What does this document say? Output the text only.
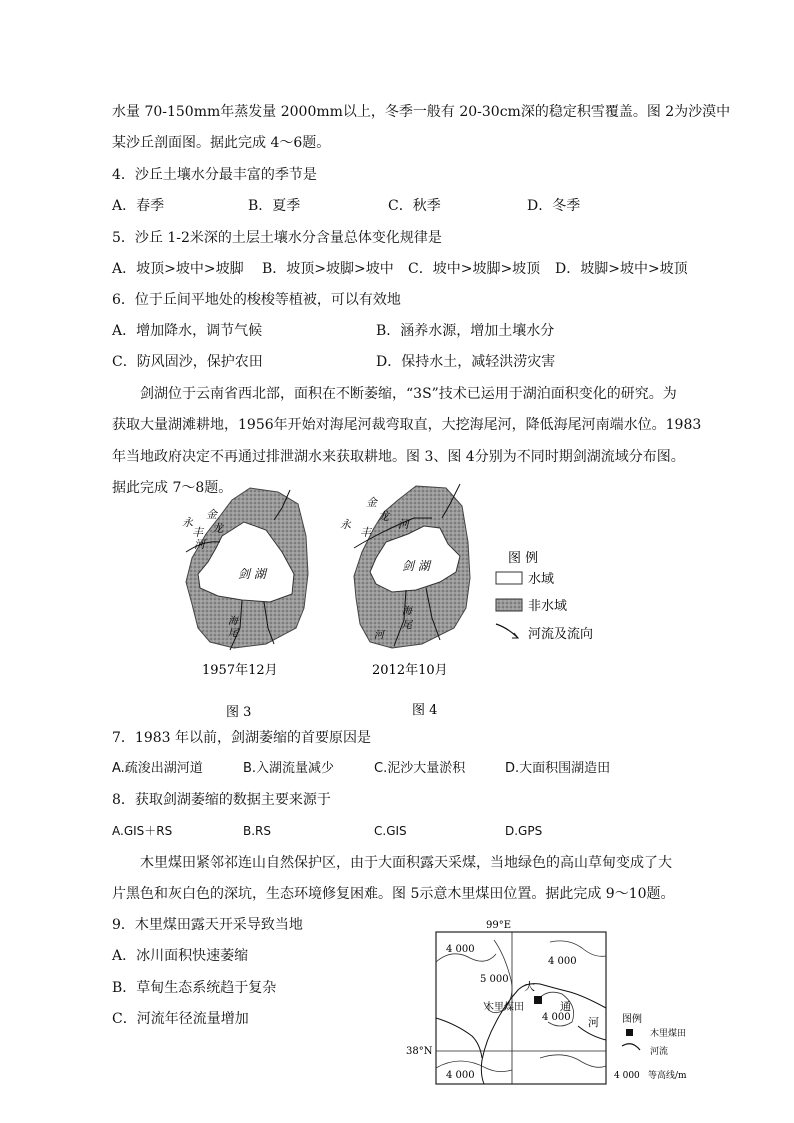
水量 70-150mm年蒸发量 2000mm以上，冬季一般有 20-30cm深的稳定积雪覆盖。图 2为沙漠中
某沙丘剖面图。据此完成 4～6题。
4．沙丘土壤水分最丰富的季节是
A．春季	B．夏季	C．秋季	D．冬季
5．沙丘 1-2米深的土层土壤水分含量总体变化规律是
A．坡顶>坡中>坡脚 B．坡顶>坡脚>坡中 C．坡中>坡脚>坡顶 D．坡脚>坡中>坡顶
6．位于丘间平地处的梭梭等植被，可以有效地
A．增加降水，调节气候	B．涵养水源，增加土壤水分
C．防风固沙，保护农田	D．保持水土，减轻洪涝灾害
剑湖位于云南省西北部，面积在不断萎缩，“3S”技术已运用于湖泊面积变化的研究。为
获取大量湖滩耕地，1956年开始对海尾河裁弯取直，大挖海尾河，降低海尾河南端水位。1983
年当地政府决定不再通过排泄湖水来获取耕地。图 3、图 4分别为不同时期剑湖流域分布图。
据此完成 7～8题。
剑 湖
金
龙
永
丰
河
海
尾
1957年12月
图 3
剑 湖
金
龙
永
丰
河
海
尾
河
2012年10月
图 4
图 例
水域
非水域
河流及流向
7．1983 年以前，剑湖萎缩的首要原因是
A.疏浚出湖河道	B.入湖流量减少	C.泥沙大量淤积	D.大面积围湖造田
8．获取剑湖萎缩的数据主要来源于
A.GIS＋RS	B.RS	C.GIS	D.GPS
木里煤田紧邻祁连山自然保护区，由于大面积露天采煤，当地绿色的高山草甸变成了大
片黑色和灰白色的深坑，生态环境修复困难。图 5示意木里煤田位置。据此完成 9～10题。
9．木里煤田露天开采导致当地
A．冰川面积快速萎缩
B．草甸生态系统趋于复杂
C．河流年径流量增加
99°E
38°N
木里煤田
4 000
5 000
4 000
4 000
4 000
大
通
河 图例
木里煤田
河流
4 000 等高线/m
